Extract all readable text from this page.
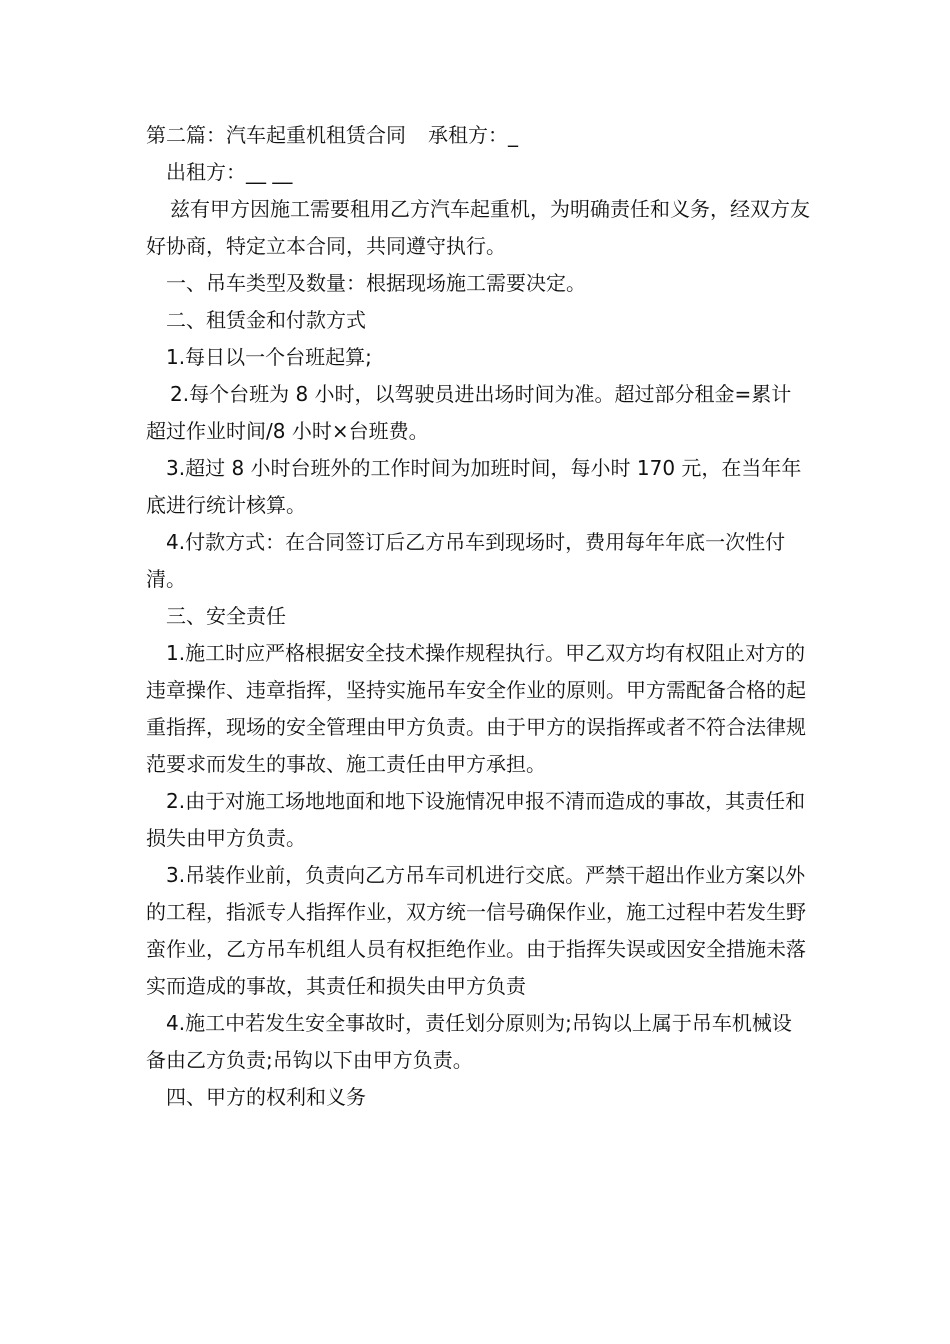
第二篇：汽车起重机租赁合同 承租方：_

出租方：__ __

兹有甲方因施工需要租用乙方汽车起重机，为明确责任和义务，经双方友好协商，特定立本合同，共同遵守执行。

一、吊车类型及数量：根据现场施工需要决定。

二、租赁金和付款方式

1.每日以一个台班起算;

2.每个台班为 8 小时，以驾驶员进出场时间为准。超过部分租金=累计超过作业时间/8 小时×台班费。

3.超过 8 小时台班外的工作时间为加班时间，每小时 170 元，在当年年底进行统计核算。

4.付款方式：在合同签订后乙方吊车到现场时，费用每年年底一次性付清。

三、安全责任

1.施工时应严格根据安全技术操作规程执行。甲乙双方均有权阻止对方的违章操作、违章指挥，坚持实施吊车安全作业的原则。甲方需配备合格的起重指挥，现场的安全管理由甲方负责。由于甲方的误指挥或者不符合法律规范要求而发生的事故、施工责任由甲方承担。

2.由于对施工场地地面和地下设施情况申报不清而造成的事故，其责任和损失由甲方负责。

3.吊装作业前，负责向乙方吊车司机进行交底。严禁干超出作业方案以外的工程，指派专人指挥作业，双方统一信号确保作业，施工过程中若发生野蛮作业，乙方吊车机组人员有权拒绝作业。由于指挥失误或因安全措施未落实而造成的事故，其责任和损失由甲方负责

4.施工中若发生安全事故时，责任划分原则为;吊钩以上属于吊车机械设备由乙方负责;吊钩以下由甲方负责。

四、甲方的权利和义务
